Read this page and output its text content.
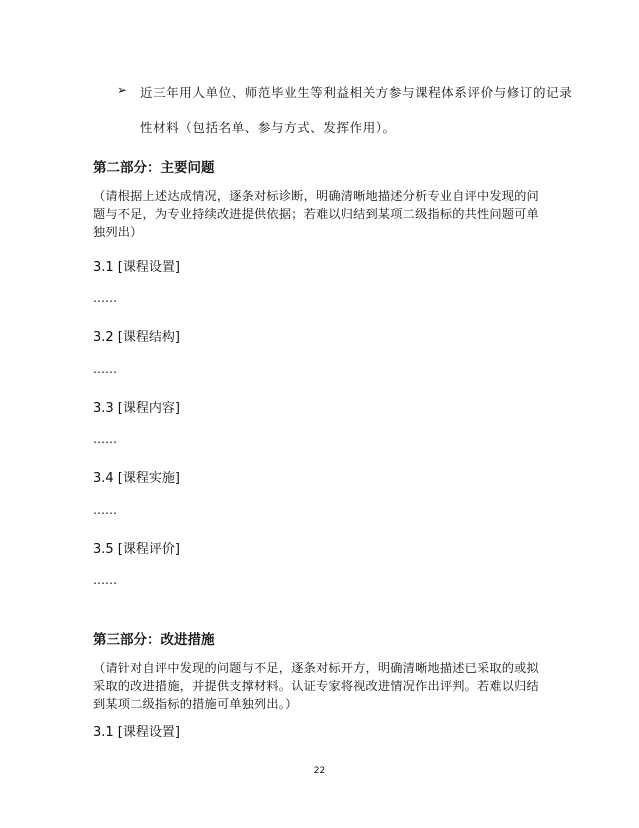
➢ 近三年用人单位、师范毕业生等利益相关方参与课程体系评价与修订的记录
性材料（包括名单、参与方式、发挥作用）。
第二部分：主要问题
（请根据上述达成情况，逐条对标诊断，明确清晰地描述分析专业自评中发现的问
题与不足，为专业持续改进提供依据；若难以归结到某项二级指标的共性问题可单
独列出）
3.1 [课程设置]
……
3.2 [课程结构]
……
3.3 [课程内容]
……
3.4 [课程实施]
……
3.5 [课程评价]
……
第三部分：改进措施
（请针对自评中发现的问题与不足，逐条对标开方，明确清晰地描述已采取的或拟
采取的改进措施，并提供支撑材料。认证专家将视改进情况作出评判。若难以归结
到某项二级指标的措施可单独列出。）
3.1 [课程设置]
22
